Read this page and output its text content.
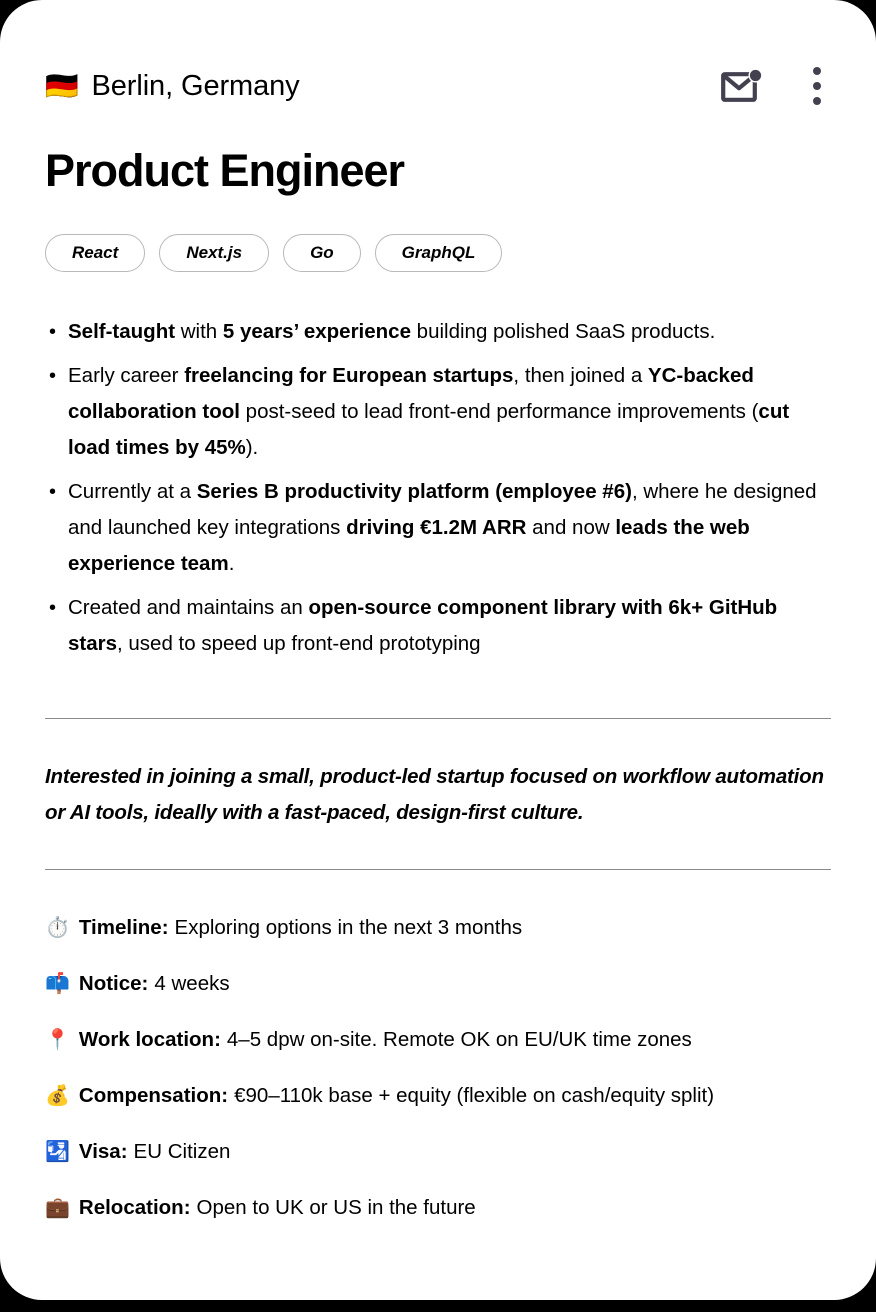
🇩🇪 Berlin, Germany
Product Engineer
React	Next.js	Go	GraphQL
• Self-taught with 5 years’ experience building polished SaaS products.
• Early career freelancing for European startups, then joined a YC-backed collaboration tool post-seed to lead front-end performance improvements (cut load times by 45%).
• Currently at a Series B productivity platform (employee #6), where he designed and launched key integrations driving €1.2M ARR and now leads the web experience team.
• Created and maintains an open-source component library with 6k+ GitHub stars, used to speed up front-end prototyping
Interested in joining a small, product-led startup focused on workflow automation or AI tools, ideally with a fast-paced, design-first culture.
⏱️ Timeline: Exploring options in the next 3 months
📫 Notice: 4 weeks
📍 Work location: 4–5 dpw on-site. Remote OK on EU/UK time zones
💰 Compensation: €90–110k base + equity (flexible on cash/equity split)
🛂 Visa: EU Citizen
💼 Relocation: Open to UK or US in the future
